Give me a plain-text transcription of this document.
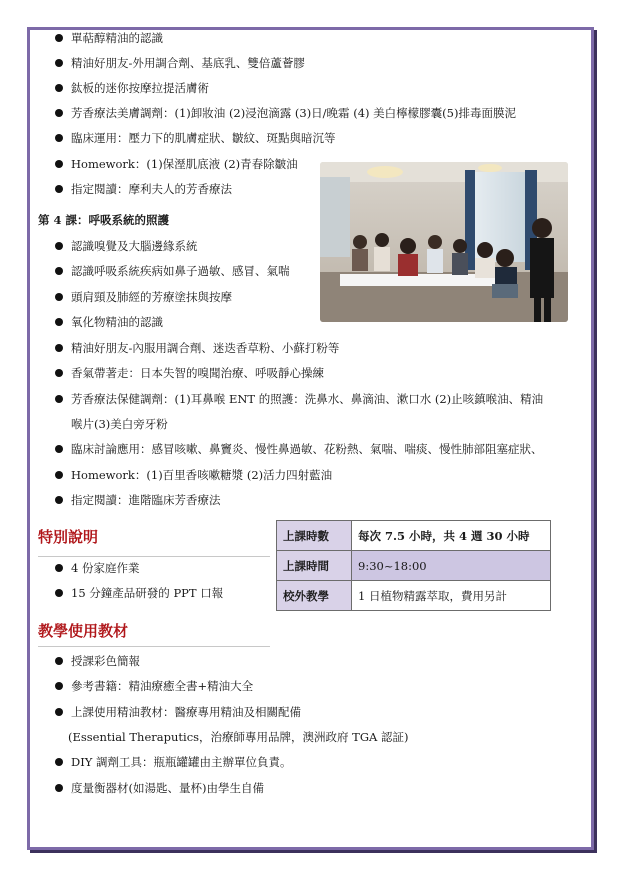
單萜醇精油的認識
精油好朋友-外用調合劑、基底乳、雙倍蘆薈膠
鈦板的迷你按摩拉提活膚術
芳香療法美膚調劑：(1)卸妝油 (2)浸泡滴露 (3)日/晚霜 (4) 美白檸檬膠囊(5)排毒面膜泥
臨床運用：壓力下的肌膚症狀、皺紋、斑點與暗沉等
Homework：(1)保溼肌底液 (2)青春除皺油
指定閱讀：摩利夫人的芳香療法
第 4 課：呼吸系統的照護
認識嗅覺及大腦邊緣系統
認識呼吸系統疾病如鼻子過敏、感冒、氣喘
頭肩頸及肺經的芳療塗抹與按摩
氧化物精油的認識
精油好朋友-內服用調合劑、迷迭香草粉、小蘇打粉等
香氣帶著走：日本失智的嗅聞治療、呼吸靜心操練
芳香療法保健調劑：(1)耳鼻喉 ENT 的照護：洗鼻水、鼻滴油、漱口水 (2)止咳鎮喉油、精油
喉片(3)美白旁牙粉
臨床討論應用：感冒咳嗽、鼻竇炎、慢性鼻過敏、花粉熱、氣喘、喘痰、慢性肺部阻塞症狀、
Homework：(1)百里香咳嗽糖漿 (2)活力四射藍油
指定閱讀：進階臨床芳香療法
特別說明
4 份家庭作業
15 分鐘產品研發的 PPT 口報
上課時數	每次 7.5 小時，共 4 週 30 小時
上課時間	9:30~18:00
校外教學	1 日植物精露萃取，費用另計
教學使用教材
授課彩色簡報
參考書籍：精油療癒全書+精油大全
上課使用精油教材：醫療專用精油及相關配備
(Essential Theraputics，治療師專用品牌，澳洲政府 TGA 認証)
DIY 調劑工具：瓶瓶罐罐由主辦單位負責。
度量衡器材(如湯匙、量杯)由學生自備
